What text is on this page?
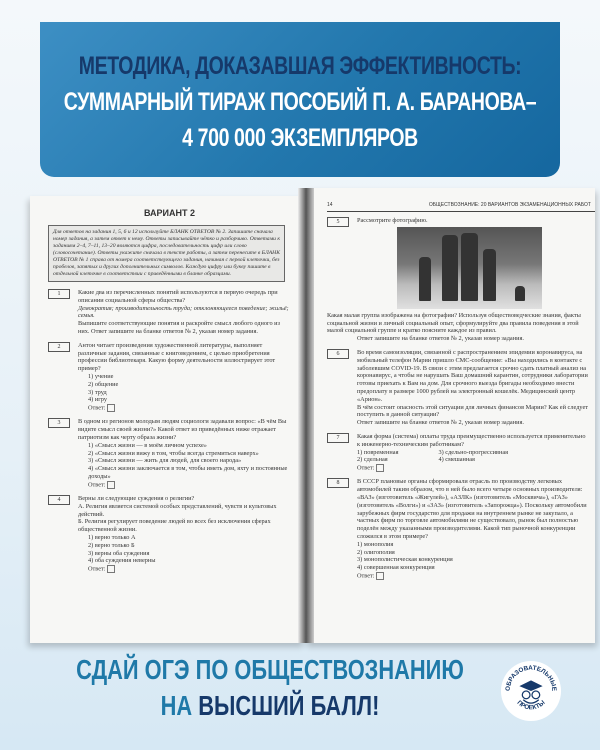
МЕТОДИКА, ДОКАЗАВШАЯ ЭФФЕКТИВНОСТЬ:
СУММАРНЫЙ ТИРАЖ ПОСОБИЙ П. А. БАРАНОВА–
4 700 000 ЭКЗЕМПЛЯРОВ
ВАРИАНТ 2
Для ответов на задания 1, 5, 6 и 12 используйте БЛАНК ОТВЕТОВ № 2. Запишите сначала номер задания, а затем ответ к нему. Ответы записывайте чётко и разборчиво. Ответами к заданиям 2–4, 7–11, 13–20 являются цифра, последовательность цифр или слово (словосочетание). Ответы укажите сначала в тексте работы, а затем перенесите в БЛАНК ОТВЕТОВ № 1 справа от номера соответствующего задания, начиная с первой клеточки, без пробелов, запятых и других дополнительных символов. Каждую цифру или букву пишите в отдельной клеточке в соответствии с приведёнными в бланке образцами.
1	Какие два из перечисленных понятий используются в первую очередь при описании социальной сферы общества?
Демократия; производительность труда; отклоняющееся поведение; жильё; семья.
Выпишите соответствующие понятия и раскройте смысл любого одного из них. Ответ запишите на бланке ответов № 2, указав номер задания.
2	Антон читает произведения художественной литературы, выполняет различные задания, связанные с книговедением, с целью приобретения профессии библиотекаря. Какую форму деятельности иллюстрирует этот пример?
1) учение
2) общение
3) труд
4) игру
Ответ:
3	В одном из регионов молодым людям социологи задавали вопрос: «В чём Вы видите смысл своей жизни?» Какой ответ из приведённых ниже отражает патриотизм как черту образа жизни?
1) «Смысл жизни — в моём личном успехе»
2) «Смысл жизни вижу в том, чтобы всегда стремиться наверх»
3) «Смысл жизни — жить для людей, для своего народа»
4) «Смысл жизни заключается в том, чтобы иметь дом, яхту и постоянные доходы»
Ответ:
4	Верны ли следующие суждения о религии?
А. Религия является системой особых представлений, чувств и культовых действий.
Б. Религия регулирует поведение людей во всех без исключения сферах общественной жизни.
1) верно только А
2) верно только Б
3) верны оба суждения
4) оба суждения неверны
Ответ:
14	ОБЩЕСТВОЗНАНИЕ: 20 ВАРИАНТОВ ЭКЗАМЕНАЦИОННЫХ РАБОТ
5	Рассмотрите фотографию.
Какая малая группа изображена на фотографии? Используя обществоведческие знания, факты социальной жизни и личный социальный опыт, сформулируйте два правила поведения в этой малой социальной группе и кратко поясните каждое из правил.
Ответ запишите на бланке ответов № 2, указав номер задания.
6	Во время самоизоляции, связанной с распространением эпидемии коронавируса, на мобильный телефон Марии пришло СМС-сообщение: «Вы находились в контакте с заболевшим COVID-19. В связи с этим предлагается срочно сдать платный анализ на коронавирус, а чтобы не нарушать Ваш домашний карантин, сотрудники лаборатории готовы приехать к Вам на дом. Для срочного выезда бригады необходимо внести предоплату в размере 1000 рублей на электронный кошелёк. Медицинский центр «Арион».
В чём состоит опасность этой ситуации для личных финансов Марии? Как ей следует поступить в данной ситуации?
Ответ запишите на бланке ответов № 2, указав номер задания.
7	Какая форма (система) оплаты труда преимущественно используется применительно к инженерно-техническим работникам?
1) повременная
2) сдельная
3) сдельно-прогрессивная
4) смешанная
Ответ:
8	В СССР плановые органы сформировали отрасль по производству легковых автомобилей таким образом, что в ней было всего четыре основных производителя: «ВАЗ» (изготовитель «Жигулей»), «АЗЛК» (изготовитель «Москвича»), «ГАЗ» (изготовитель «Волги») и «ЗАЗ» (изготовитель «Запорожца»). Поскольку автомобили зарубежных фирм государство для продажи на внутреннем рынке не закупало, а частных фирм по торговле автомобилями не существовало, рынок был полностью поделён между указанными производителями. Какой тип рыночной конкуренции сложился в этом примере?
1) монополия
2) олигополия
3) монополистическая конкуренция
4) совершенная конкуренция
Ответ:
СДАЙ ОГЭ ПО ОБЩЕСТВОЗНАНИЮ
НА ВЫСШИЙ БАЛЛ!
ОБРАЗОВАТЕЛЬНЫЕ
ПРОЕКТЫ
